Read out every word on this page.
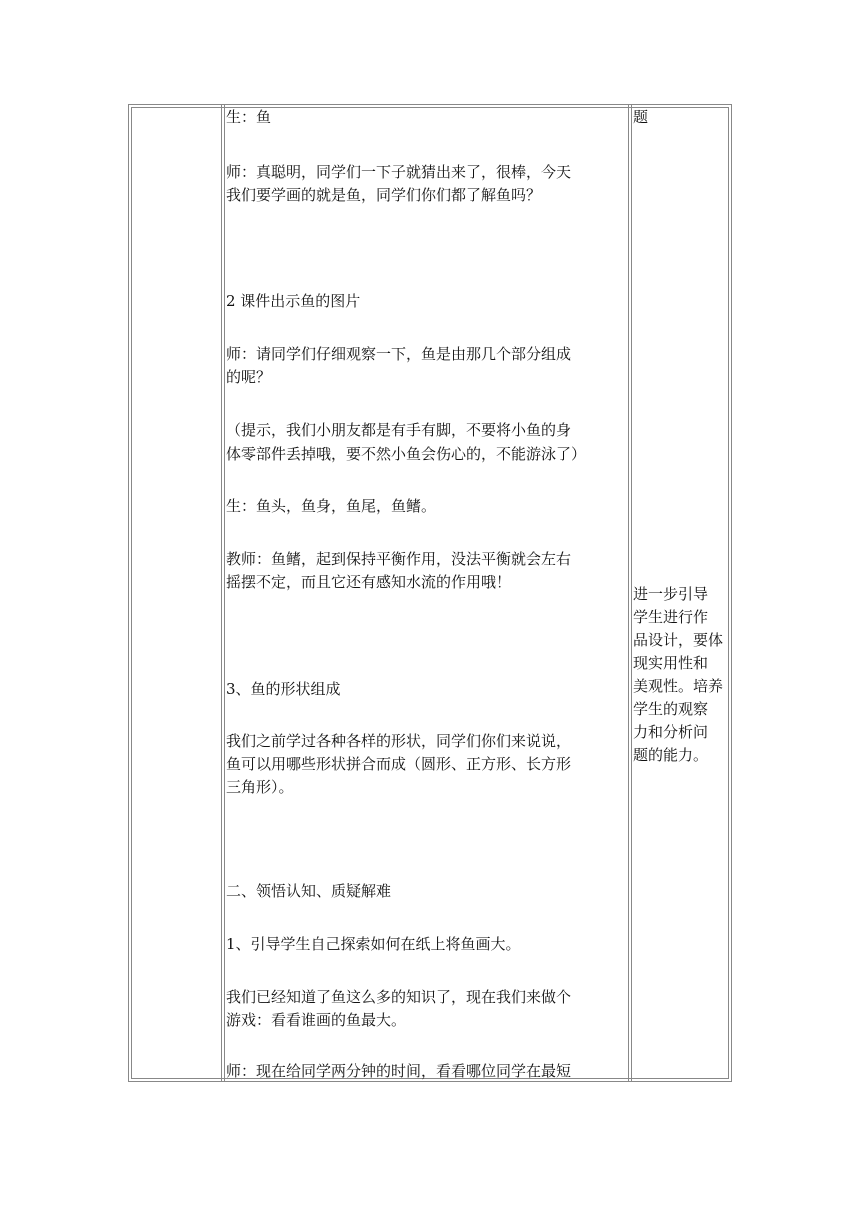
生：鱼

师：真聪明，同学们一下子就猜出来了，很棒，今天

我们要学画的就是鱼，同学们你们都了解鱼吗？

2 课件出示鱼的图片

师：请同学们仔细观察一下，鱼是由那几个部分组成

的呢？

（提示，我们小朋友都是有手有脚，不要将小鱼的身

体零部件丢掉哦，要不然小鱼会伤心的，不能游泳了）

生：鱼头，鱼身，鱼尾，鱼鳍。

教师：鱼鳍，起到保持平衡作用，没法平衡就会左右

摇摆不定，而且它还有感知水流的作用哦！

3、鱼的形状组成

我们之前学过各种各样的形状，同学们你们来说说，

鱼可以用哪些形状拼合而成（圆形、正方形、长方形

三角形）。

二、领悟认知、质疑解难

1、引导学生自己探索如何在纸上将鱼画大。

我们已经知道了鱼这么多的知识了，现在我们来做个

游戏：看看谁画的鱼最大。

师：现在给同学两分钟的时间，看看哪位同学在最短

题

进一步引导

学生进行作

品设计，要体

现实用性和

美观性。培养

学生的观察

力和分析问

题的能力。
